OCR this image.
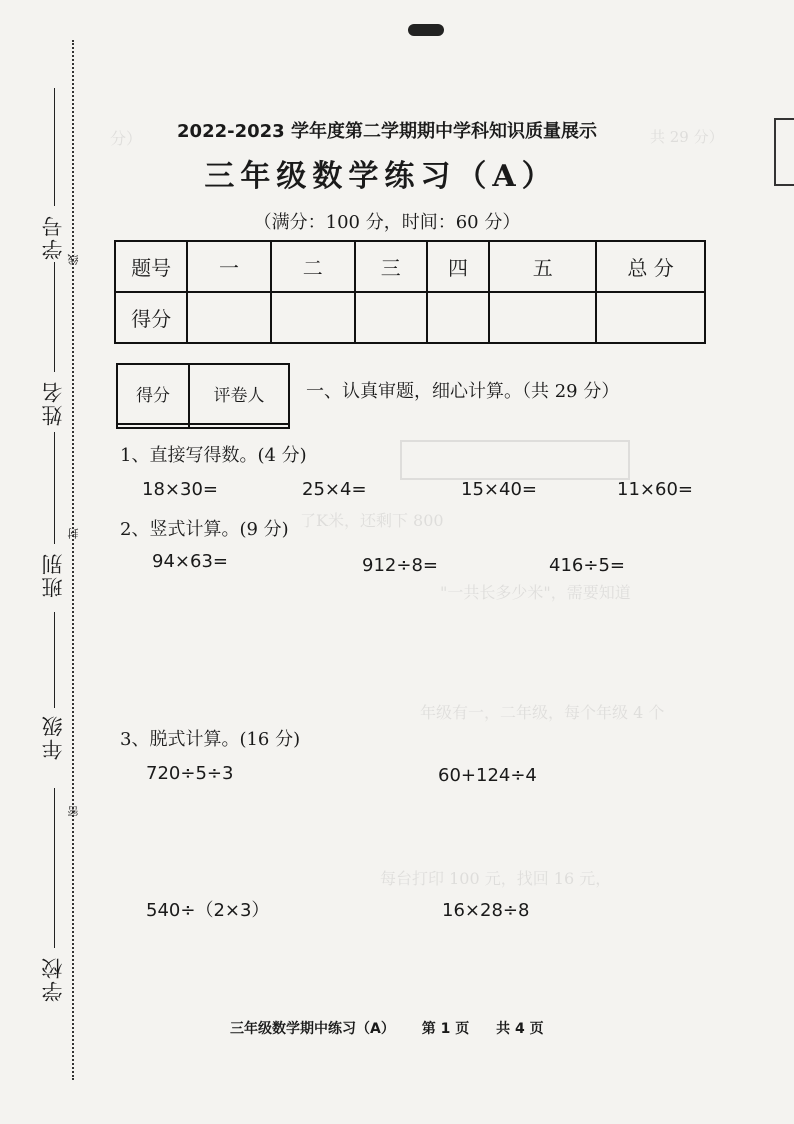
分）	共 29 分）
了K米，还剩下 800
"一共长多少米"，需要知道
年级有一，二年级，每个年级 4 个
每台打印 100 元，找回 16 元，
学号
姓名
班别
年级
学校
线
封
密
2022-2023 学年度第二学期期中学科知识质量展示
三年级数学练习（A）
（满分：100 分，时间：60 分）
题号	一	二	三	四	五	总 分
得分						
得分	评卷人
	一、认真审题，细心计算。（共 29 分）
1、直接写得数。(4 分)
18×30=	25×4=	15×40=	11×60=
2、竖式计算。(9 分)
94×63=	912÷8=	416÷5=
3、脱式计算。(16 分)
720÷5÷3	60+124÷4
540÷（2×3）	16×28÷8
三年级数学期中练习（A） 第 1 页 共 4 页
